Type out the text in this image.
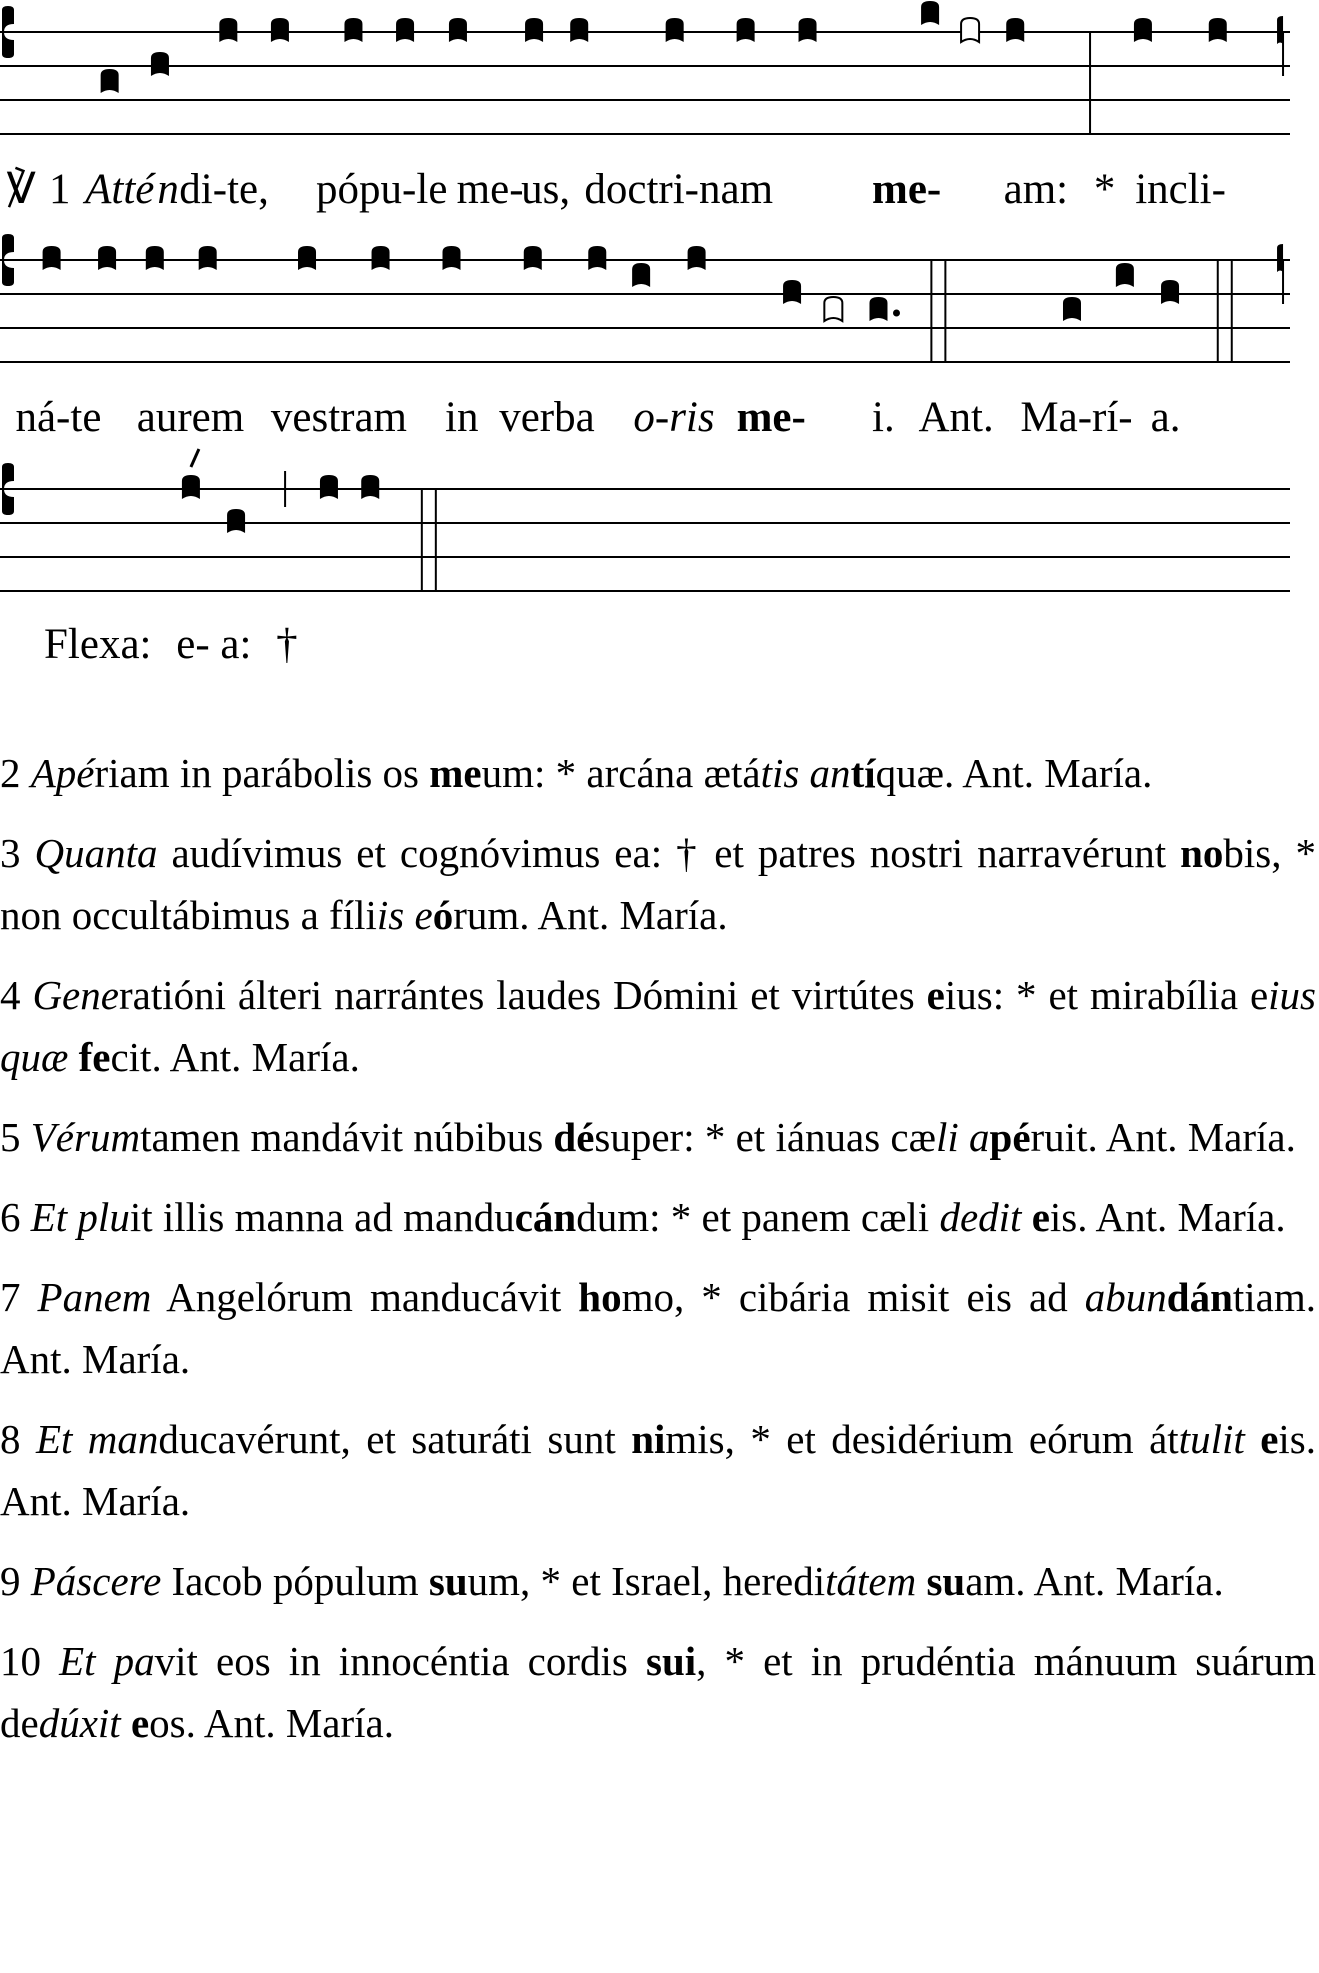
℣ 1 Atté n di-te, pópu-le me-
us, doctri-nam me- am: * incli-
ná-te aurem vestram in verba o-ris me- i. Ant. Ma-rí- a.
Flexa: e- a: †

2 Apériam in parábolis os meum: * arcána ætátis antíquæ. Ant. María.

3 Quanta audívimus et cognóvimus ea: † et patres nostri narravérunt nobis, * non occultábimus a fíliis eórum. Ant. María.

4 Generatióni álteri narrántes laudes Dómini et virtútes eius: * et mirabília eius quæ fecit. Ant. María.

5 Vérumtamen mandávit núbibus désuper: * et iánuas cæli apéruit. Ant. María.

6 Et pluit illis manna ad manducándum: * et panem cæli dedit eis. Ant. María.

7 Panem Angelórum manducávit homo, * cibária misit eis ad abundántiam. Ant. María.

8 Et manducavérunt, et saturáti sunt nimis, * et desidérium eórum áttulit eis. Ant. María.

9 Páscere Iacob pópulum suum, * et Israel, hereditátem suam. Ant. María.

10 Et pavit eos in innocéntia cordis sui, * et in prudéntia mánuum suárum dedúxit eos. Ant. María.
